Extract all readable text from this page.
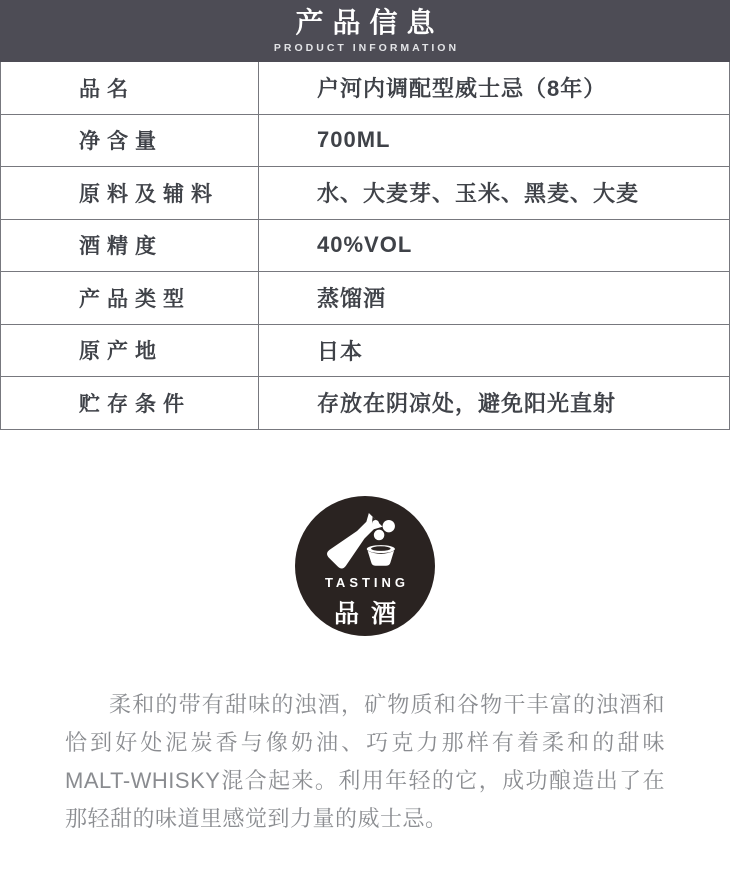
产品信息
PRODUCT INFORMATION
品名	户河内调配型威士忌（8年）
净含量	700ML
原料及辅料	水、大麦芽、玉米、黑麦、大麦
酒精度	40%VOL
产品类型	蒸馏酒
原产地	日本
贮存条件	存放在阴凉处，避免阳光直射
TASTING
品酒

柔和的带有甜味的浊酒，矿物质和谷物干丰富的浊酒和恰到好处泥炭香与像奶油、巧克力那样有着柔和的甜味MALT-WHISKY混合起来。利用年轻的它，成功酿造出了在那轻甜的味道里感觉到力量的威士忌。
